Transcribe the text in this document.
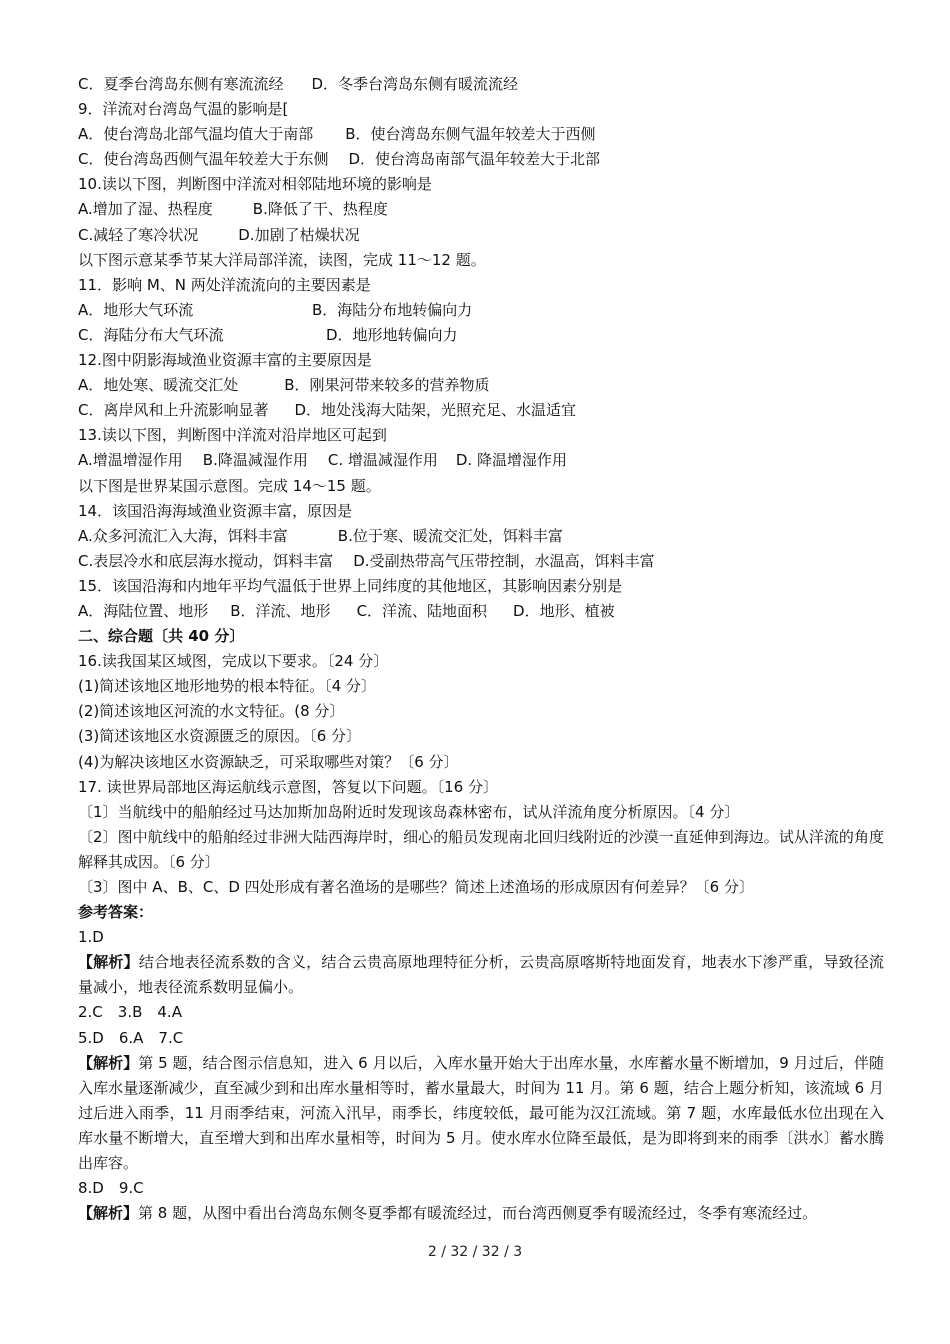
C．夏季台湾岛东侧有寒流流经 D．冬季台湾岛东侧有暖流流经
9．洋流对台湾岛气温的影响是[
A．使台湾岛北部气温均值大于南部 B．使台湾岛东侧气温年较差大于西侧
C．使台湾岛西侧气温年较差大于东侧 D．使台湾岛南部气温年较差大于北部
10.读以下图，判断图中洋流对相邻陆地环境的影响是
A.增加了湿、热程度	B.降低了干、热程度
C.减轻了寒冷状况	D.加剧了枯燥状况
以下图示意某季节某大洋局部洋流，读图，完成 11～12 题。
11．影响 M、N 两处洋流流向的主要因素是
A．地形大气环流	B．海陆分布地转偏向力
C．海陆分布大气环流	D．地形地转偏向力
12.图中阴影海域渔业资源丰富的主要原因是
A．地处寒、暖流交汇处	B．刚果河带来较多的营养物质
C．离岸风和上升流影响显著 D．地处浅海大陆架，光照充足、水温适宜
13.读以下图，判断图中洋流对沿岸地区可起到
A.增温增湿作用 B.降温减湿作用 C. 增温减湿作用 D. 降温增湿作用
以下图是世界某国示意图。完成 14～15 题。
14．该国沿海海域渔业资源丰富，原因是
A.众多河流汇入大海，饵料丰富	B.位于寒、暖流交汇处，饵料丰富
C.表层冷水和底层海水搅动，饵料丰富 D.受副热带高气压带控制，水温高，饵料丰富
15．该国沿海和内地年平均气温低于世界上同纬度的其他地区，其影响因素分别是
A．海陆位置、地形 B．洋流、地形 C．洋流、陆地面积 D．地形、植被
二、综合题〔共 40 分〕
16.读我国某区域图，完成以下要求。〔24 分〕
(1)简述该地区地形地势的根本特征。〔4 分〕
(2)简述该地区河流的水文特征。(8 分〕
(3)简述该地区水资源匮乏的原因。〔6 分〕
(4)为解决该地区水资源缺乏，可采取哪些对策？〔6 分〕
17. 读世界局部地区海运航线示意图，答复以下问题。〔16 分〕
〔1〕当航线中的船舶经过马达加斯加岛附近时发现该岛森林密布，试从洋流角度分析原因。〔4 分〕
〔2〕图中航线中的船舶经过非洲大陆西海岸时，细心的船员发现南北回归线附近的沙漠一直延伸到海边。试从洋流的角度解释其成因。〔6 分〕
〔3〕图中 A、B、C、D 四处形成有著名渔场的是哪些？简述上述渔场的形成原因有何差异？〔6 分〕
参考答案：
1.D
【解析】结合地表径流系数的含义，结合云贵高原地理特征分析，云贵高原喀斯特地面发育，地表水下渗严重，导致径流量减小，地表径流系数明显偏小。
2.C　3.B　4.A
5.D　6.A　7.C
【解析】第 5 题，结合图示信息知，进入 6 月以后，入库水量开始大于出库水量，水库蓄水量不断增加，9 月过后，伴随入库水量逐渐减少，直至减少到和出库水量相等时，蓄水量最大，时间为 11 月。第 6 题，结合上题分析知，该流域 6 月过后进入雨季，11 月雨季结束，河流入汛早，雨季长，纬度较低，最可能为汉江流域。第 7 题，水库最低水位出现在入库水量不断增大，直至增大到和出库水量相等，时间为 5 月。使水库水位降至最低，是为即将到来的雨季〔洪水〕蓄水腾出库容。
8.D　9.C
【解析】第 8 题，从图中看出台湾岛东侧冬夏季都有暖流经过，而台湾西侧夏季有暖流经过，冬季有寒流经过。
2 / 32 / 32 / 3
